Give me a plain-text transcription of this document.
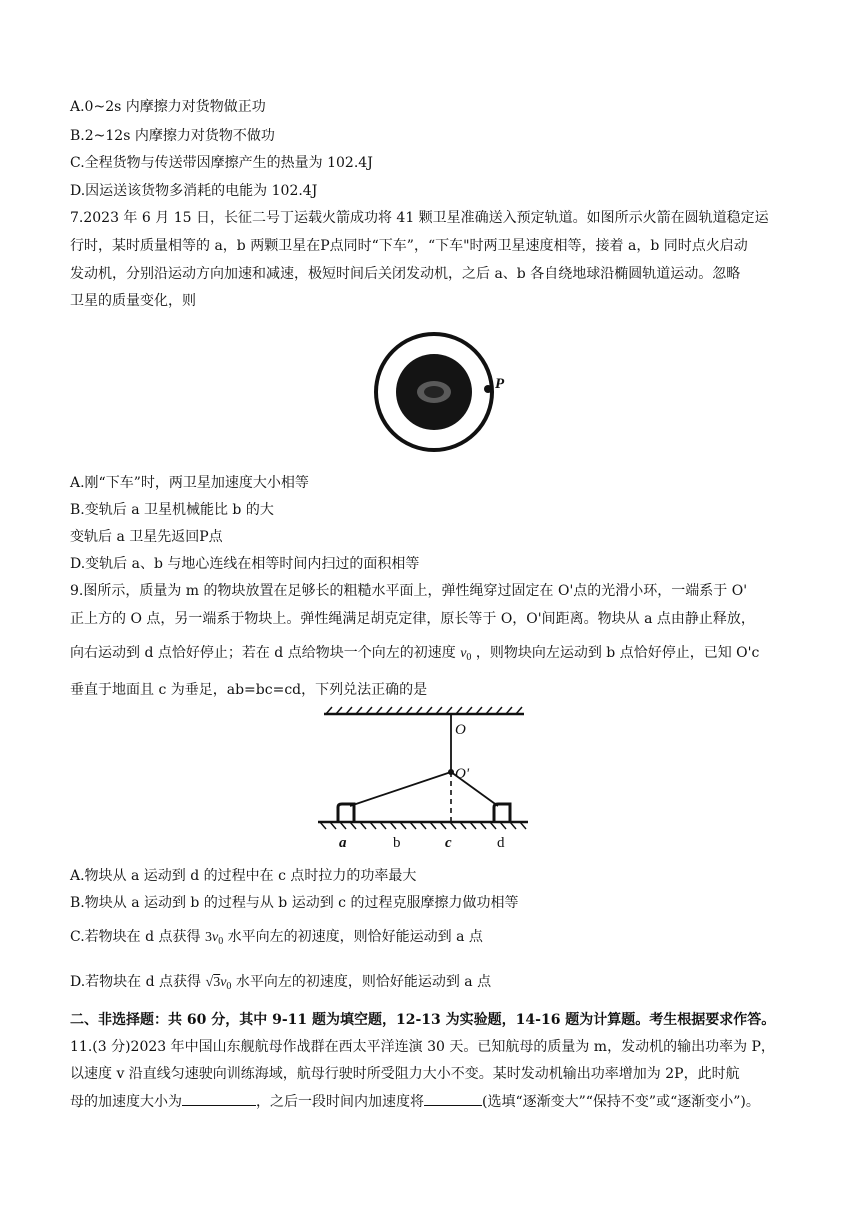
A.0~2s 内摩擦力对货物做正功
B.2~12s 内摩擦力对货物不做功
C.全程货物与传送带因摩擦产生的热量为 102.4J
D.因运送该货物多消耗的电能为 102.4J
7.2023 年 6 月 15 日，长征二号丁运载火箭成功将 41 颗卫星准确送入预定轨道。如图所示火箭在圆轨道稳定运
行时，某时质量相等的 a，b 两颗卫星在P点同时“下车”，“下车"时两卫星速度相等，接着 a，b 同时点火启动
发动机，分别沿运动方向加速和减速，极短时间后关闭发动机，之后 a、b 各自绕地球沿椭圆轨道运动。忽略
卫星的质量变化，则
P
A.刚“下车”时，两卫星加速度大小相等
B.变轨后 a 卫星机械能比 b 的大
变轨后 a 卫星先返回P点
D.变轨后 a、b 与地心连线在相等时间内扫过的面积相等
9.图所示，质量为 m 的物块放置在足够长的粗糙水平面上，弹性绳穿过固定在 O'点的光滑小环，一端系于 O'
正上方的 O 点，另一端系于物块上。弹性绳满足胡克定律，原长等于 O，O'间距离。物块从 a 点由静止释放，
向右运动到 d 点恰好停止；若在 d 点给物块一个向左的初速度 $v_0$ ，则物块向左运动到 b 点恰好停止，已知 O'c
垂直于地面且 c 为垂足，ab=bc=cd，下列兑法正确的是
O
O'
a	b	c	d
A.物块从 a 运动到 d 的过程中在 c 点时拉力的功率最大
B.物块从 a 运动到 b 的过程与从 b 运动到 c 的过程克服摩擦力做功相等
C.若物块在 d 点获得 $3v_0$ 水平向左的初速度，则恰好能运动到 a 点
D.若物块在 d 点获得 $√3v_0$ 水平向左的初速度，则恰好能运动到 a 点
二、非选择题：共 60 分，其中 9-11 题为填空题，12-13 为实验题，14-16 题为计算题。考生根据要求作答。
11.(3 分)2023 年中国山东舰航母作战群在西太平洋连演 30 天。已知航母的质量为 m，发动机的输出功率为 P，
以速度 v 沿直线匀速驶向训练海域，航母行驶时所受阻力大小不变。某时发动机输出功率增加为 2P，此时航
母的加速度大小为	，之后一段时间内加速度将	(选填“逐渐变大”“保持不变”或“逐渐变小”)。
